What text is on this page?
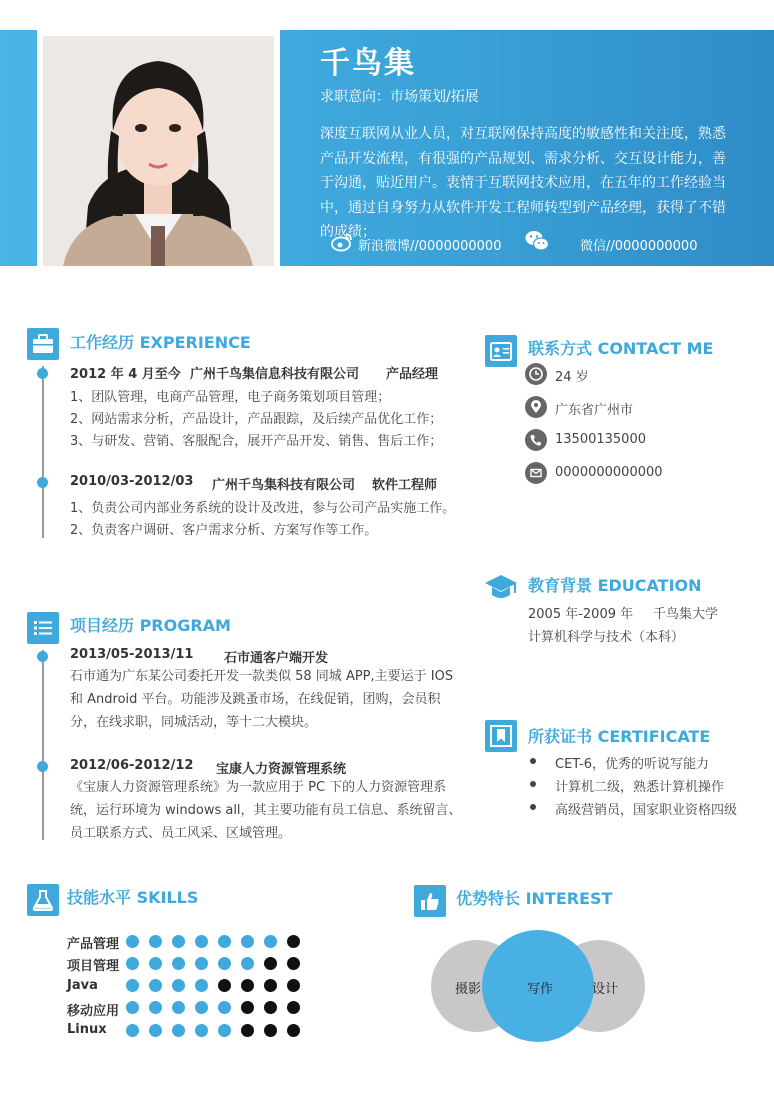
千鸟集
求职意向：市场策划/拓展
深度互联网从业人员，对互联网保持高度的敏感性和关注度，熟悉产品开发流程，有很强的产品规划、需求分析、交互设计能力，善于沟通，贴近用户。衷情于互联网技术应用，在五年的工作经验当中，通过自身努力从软件开发工程师转型到产品经理，获得了不错的成绩；
新浪微博//0000000000	微信//0000000000
工作经历 EXPERIENCE
2012 年 4 月至今 广州千鸟集信息科技有限公司 产品经理
1、团队管理，电商产品管理，电子商务策划项目管理；
2、网站需求分析，产品设计，产品跟踪，及后续产品优化工作；
3、与研发、营销、客服配合，展开产品开发、销售、售后工作；
2010/03-2012/03 广州千鸟集科技有限公司 软件工程师
1、负责公司内部业务系统的设计及改进，参与公司产品实施工作。
2、负责客户调研、客户需求分析、方案写作等工作。
项目经历 PROGRAM
2013/05-2013/11 石市通客户端开发
石市通为广东某公司委托开发一款类似 58 同城 APP,主要运于 IOS 和 Android 平台。功能涉及跳蚤市场，在线促销，团购，会员积分，在线求职，同城活动，等十二大模块。
2012/06-2012/12 宝康人力资源管理系统
《宝康人力资源管理系统》为一款应用于 PC 下的人力资源管理系统，运行环境为 windows all，其主要功能有员工信息、系统留言、员工联系方式、员工风采、区域管理。
联系方式 CONTACT ME
24 岁
广东省广州市
13500135000
0000000000000
教育背景 EDUCATION
2005 年-2009 年 千鸟集大学
计算机科学与技术（本科）
所获证书 CERTIFICATE
CET-6，优秀的听说写能力
计算机二级，熟悉计算机操作
高级营销员，国家职业资格四级
技能水平 SKILLS
产品管理
项目管理
Java
移动应用
Linux
优势特长 INTEREST
摄影	写作	设计
